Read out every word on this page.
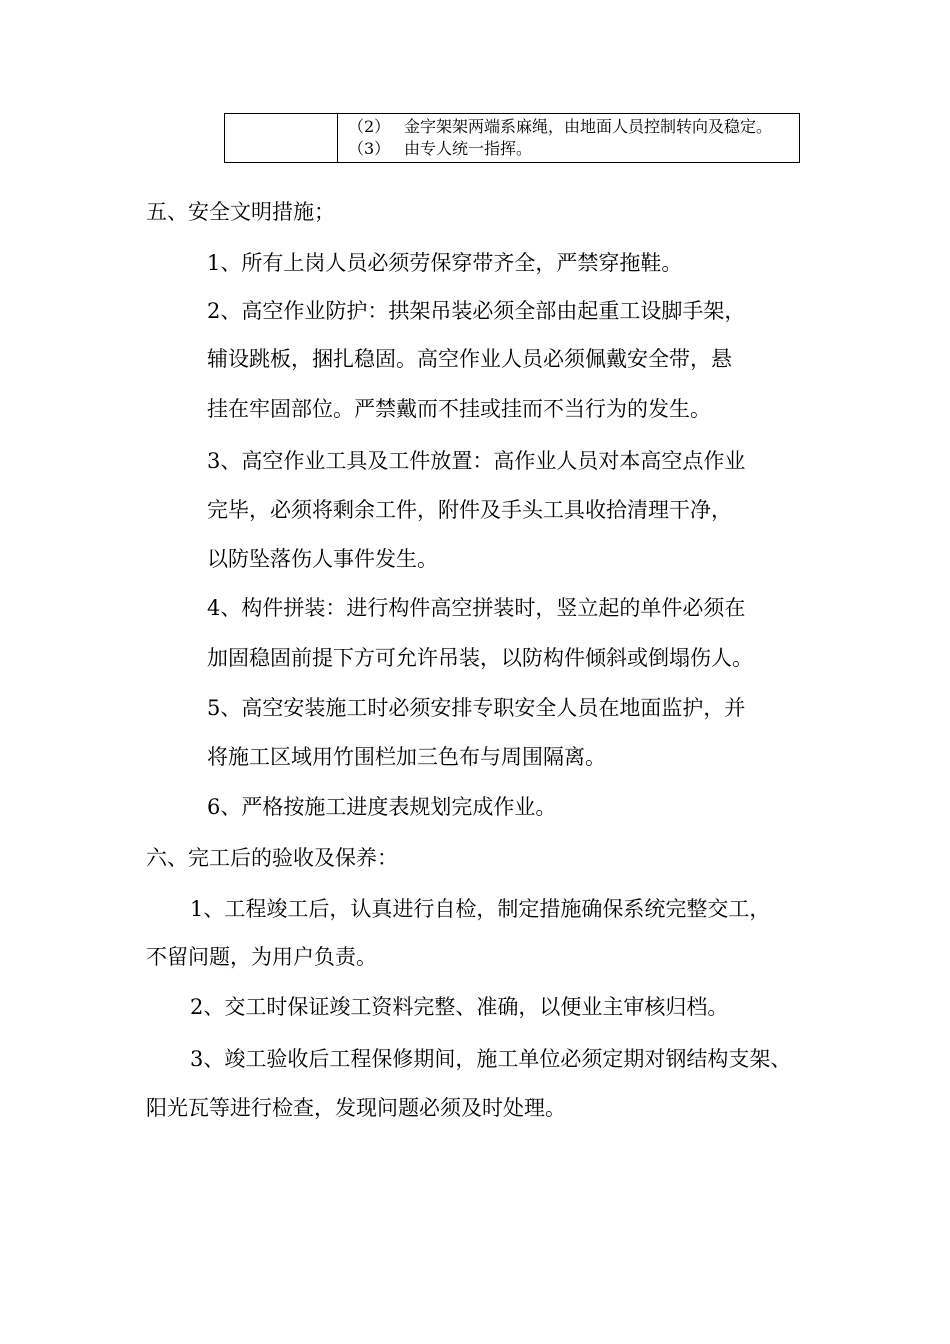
（2） 金字架架两端系麻绳，由地面人员控制转向及稳定。
（3） 由专人统一指挥。
五、安全文明措施；
1、所有上岗人员必须劳保穿带齐全，严禁穿拖鞋。
2、高空作业防护：拱架吊装必须全部由起重工设脚手架，
辅设跳板，捆扎稳固。高空作业人员必须佩戴安全带，悬
挂在牢固部位。严禁戴而不挂或挂而不当行为的发生。
3、高空作业工具及工件放置：高作业人员对本高空点作业
完毕，必须将剩余工件，附件及手头工具收拾清理干净，
以防坠落伤人事件发生。
4、构件拼装：进行构件高空拼装时，竖立起的单件必须在
加固稳固前提下方可允许吊装，以防构件倾斜或倒塌伤人。
5、高空安装施工时必须安排专职安全人员在地面监护，并
将施工区域用竹围栏加三色布与周围隔离。
6、严格按施工进度表规划完成作业。
六、完工后的验收及保养：
1、工程竣工后，认真进行自检，制定措施确保系统完整交工，
不留问题，为用户负责。
2、交工时保证竣工资料完整、准确，以便业主审核归档。
3、竣工验收后工程保修期间，施工单位必须定期对钢结构支架、
阳光瓦等进行检查，发现问题必须及时处理。
